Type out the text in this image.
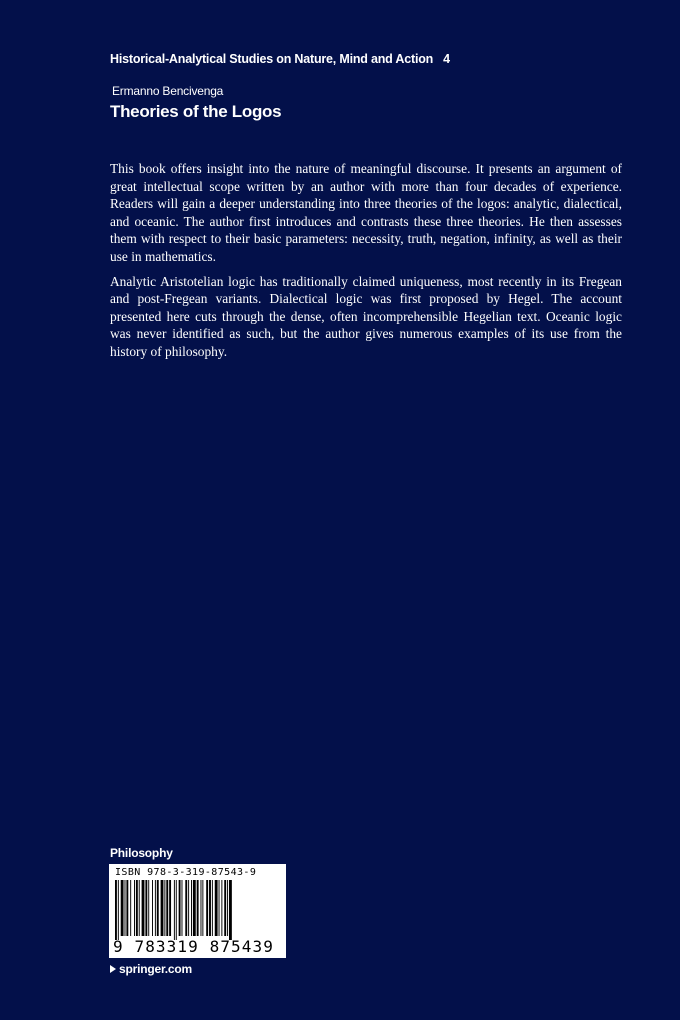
Historical-Analytical Studies on Nature, Mind and Action 4
Ermanno Bencivenga
Theories of the Logos

This book offers insight into the nature of meaningful discourse. It presents an argument of great intellectual scope written by an author with more than four decades of experience. Readers will gain a deeper understanding into three theories of the logos: analytic, dialectical, and oceanic. The author first introduces and contrasts these three theories. He then assesses them with respect to their basic parameters: necessity, truth, negation, infinity, as well as their use in mathematics.

Analytic Aristotelian logic has traditionally claimed uniqueness, most recently in its Fregean and post-Fregean variants. Dialectical logic was first proposed by Hegel. The account presented here cuts through the dense, often incomprehensible Hegelian text. Oceanic logic was never identified as such, but the author gives numerous examples of its use from the history of philosophy.

Philosophy
ISBN 978-3-319-87543-9
9 783319 875439
springer.com
